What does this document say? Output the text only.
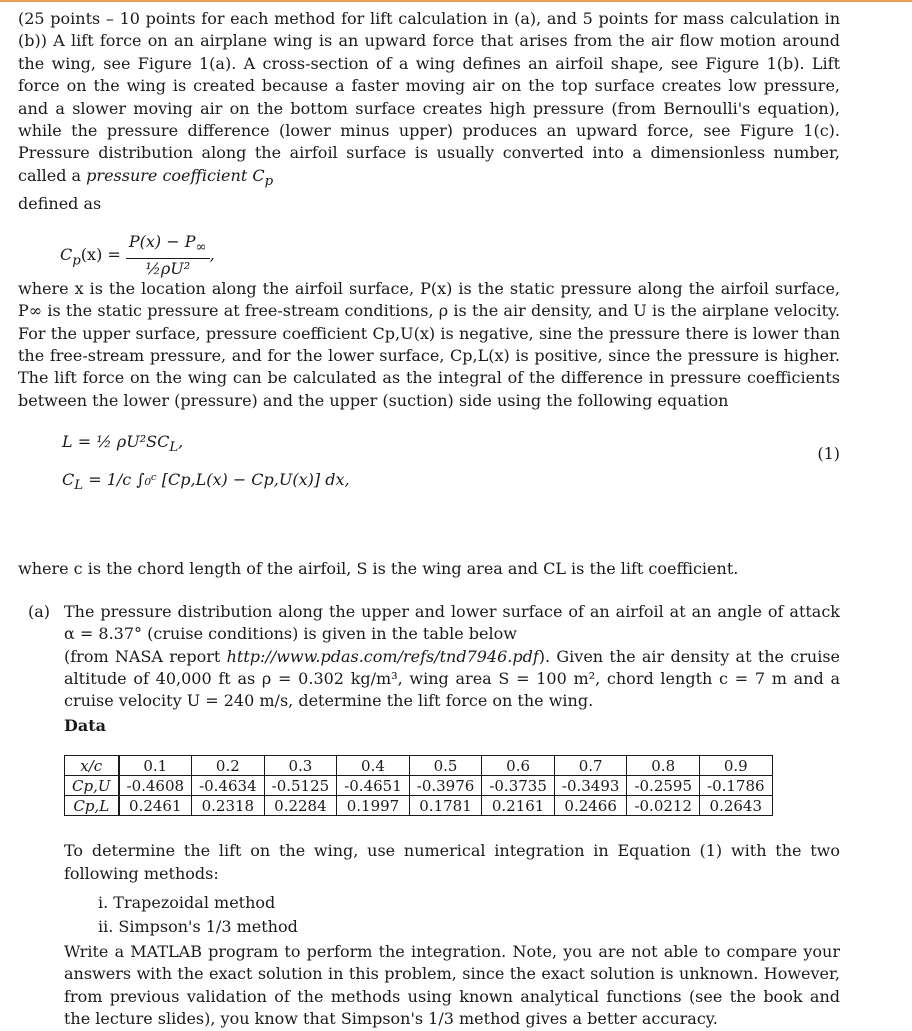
(25 points – 10 points for each method for lift calculation in (a), and 5 points for mass calculation in (b)) A lift force on an airplane wing is an upward force that arises from the air flow motion around the wing, see Figure 1(a). A cross-section of a wing defines an airfoil shape, see Figure 1(b). Lift force on the wing is created because a faster moving air on the top surface creates low pressure, and a slower moving air on the bottom surface creates high pressure (from Bernoulli's equation), while the pressure difference (lower minus upper) produces an upward force, see Figure 1(c). Pressure distribution along the airfoil surface is usually converted into a dimensionless number, called a pressure coefficient $C_p$
defined as

$C_p(x) = \frac{P(x) - P_\infty}{\text{½ρU²}}$ ,

where x is the location along the airfoil surface, P(x) is the static pressure along the airfoil surface, P∞ is the static pressure at free-stream conditions, ρ is the air density, and U is the airplane velocity. For the upper surface, pressure coefficient Cp,U(x) is negative, sine the pressure there is lower than the free-stream pressure, and for the lower surface, Cp,L(x) is positive, since the pressure is higher. The lift force on the wing can be calculated as the integral of the difference in pressure coefficients between the lower (pressure) and the upper (suction) side using the following equation

L = ½ $\rho U^2SC_L$,
$C_L = 1/c$ ∫₀ᶜ [Cp,L(x) − Cp,U(x)] dx,
(1)

where c is the chord length of the airfoil, S is the wing area and CL is the lift coefficient.

(a) The pressure distribution along the upper and lower surface of an airfoil at an angle of attack α = 8.37° (cruise conditions) is given in the table below
(from NASA report http://www.pdas.com/refs/tnd7946.pdf). Given the air density at the cruise altitude of 40,000 ft as ρ = 0.302 kg/m³, wing area S = 100 m², chord length c = 7 m and a cruise velocity U = 240 m/s, determine the lift force on the wing.

Data

x/c	0.1	0.2	0.3	0.4	0.5	0.6	0.7	0.8	0.9
Cp,U	-0.4608	-0.4634	-0.5125	-0.4651	-0.3976	-0.3735	-0.3493	-0.2595	-0.1786
Cp,L	0.2461	0.2318	0.2284	0.1997	0.1781	0.2161	0.2466	-0.0212	0.2643

To determine the lift on the wing, use numerical integration in Equation (1) with the two following methods:

i. Trapezoidal method
ii. Simpson's 1/3 method

Write a MATLAB program to perform the integration. Note, you are not able to compare your answers with the exact solution in this problem, since the exact solution is unknown. However, from previous validation of the methods using known analytical functions (see the book and the lecture slides), you know that Simpson's 1/3 method gives a better accuracy.
